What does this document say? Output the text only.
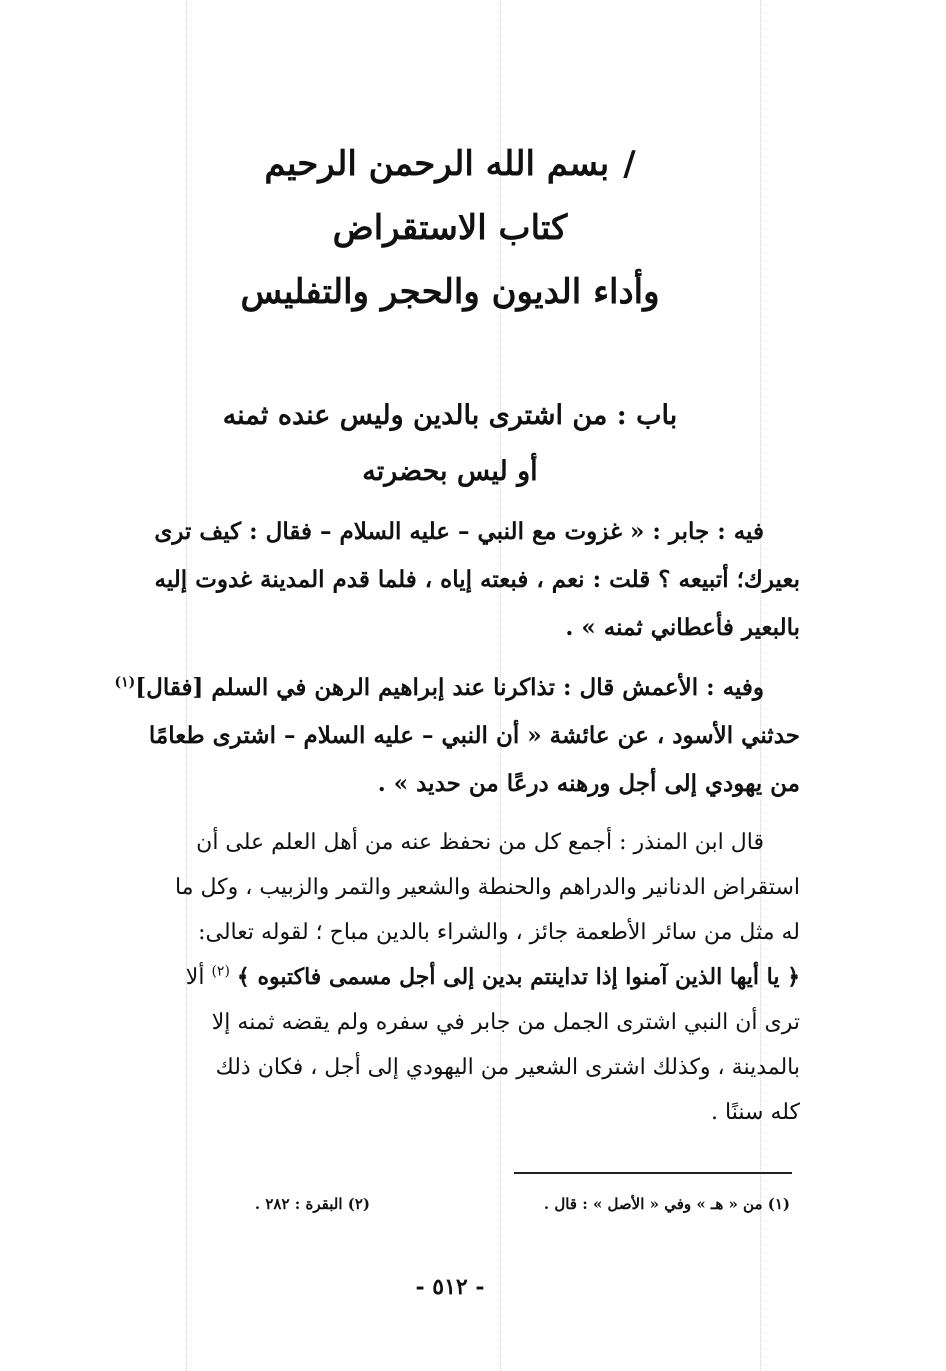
/بسم الله الرحمن الرحيم
كتاب الاستقراض
وأداء الديون والحجر والتفليس
باب : من اشترى بالدين وليس عنده ثمنه
أو ليس بحضرته
فيه : جابر : « غزوت مع النبي – عليه السلام – فقال : كيف ترى
بعيرك؛ أتبيعه ؟ قلت : نعم ، فبعته إياه ، فلما قدم المدينة غدوت إليه
بالبعير فأعطاني ثمنه » .
وفيه : الأعمش قال : تذاكرنا عند إبراهيم الرهن في السلم [فقال]$^{(١)}$
حدثني الأسود ، عن عائشة « أن النبي – عليه السلام – اشترى طعامًا
من يهودي إلى أجل ورهنه درعًا من حديد » .
قال ابن المنذر : أجمع كل من نحفظ عنه من أهل العلم على أن
استقراض الدنانير والدراهم والحنطة والشعير والتمر والزبيب ، وكل ما
له مثل من سائر الأطعمة جائز ، والشراء بالدين مباح ؛ لقوله تعالى:
﴿ يا أيها الذين آمنوا إذا تداينتم بدين إلى أجل مسمى فاكتبوه ﴾ $^{(٢)}$ ألا
ترى أن النبي اشترى الجمل من جابر في سفره ولم يقضه ثمنه إلا
بالمدينة ، وكذلك اشترى الشعير من اليهودي إلى أجل ، فكان ذلك
كله سننًا .
(١) من « هـ » وفي « الأصل » : قال .
(٢) البقرة : ٢٨٢ .
- ٥١٢ -
